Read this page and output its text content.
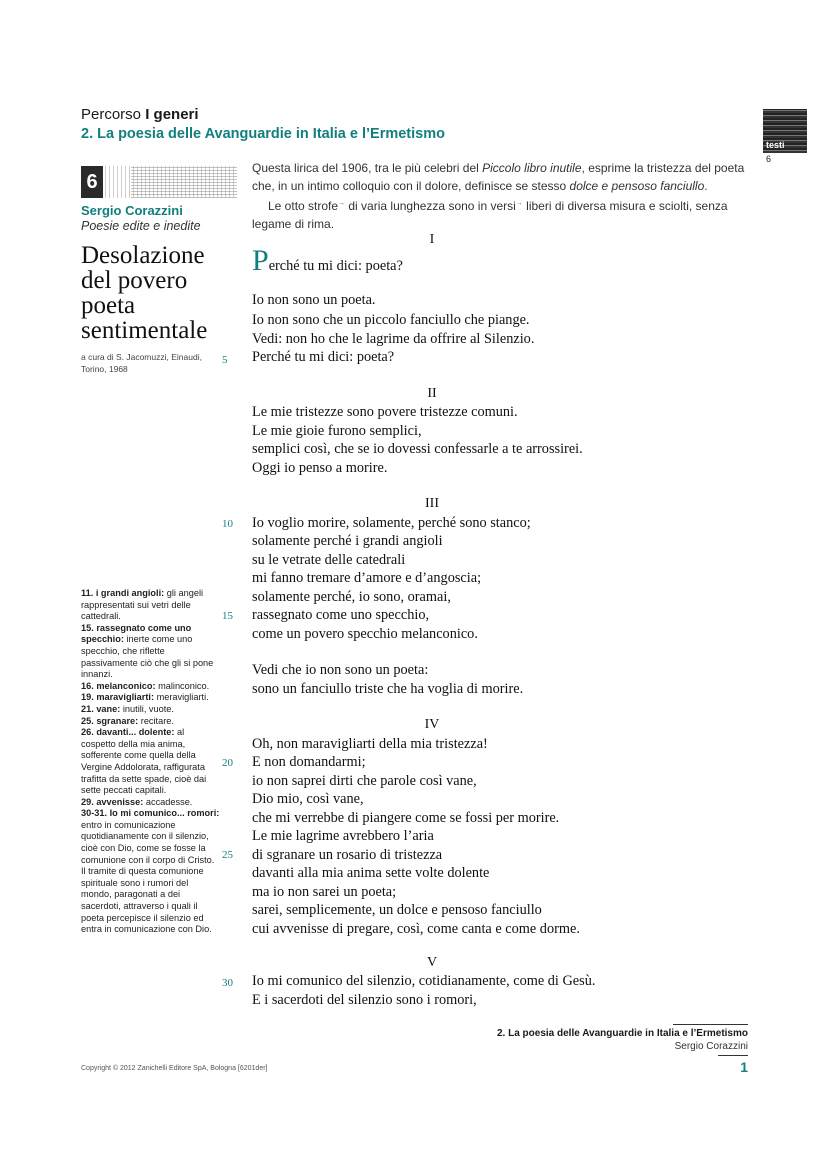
Percorso I generi
2. La poesia delle Avanguardie in Italia e l’Ermetismo
testi
6
6
Sergio Corazzini
Poesie edite e inedite
Desolazione
del povero
poeta
sentimentale
a cura di S. Jacomuzzi, Einaudi,
Torino, 1968

Questa lirica del 1906, tra le più celebri del Piccolo libro inutile, esprime la tristezza del poeta che, in un intimo colloquio con il dolore, definisce se stesso dolce e pensoso fanciullo.

Le otto strofe→ di varia lunghezza sono in versi→ liberi di diversa misura e sciolti, senza legame di rima.

I
Perché tu mi dici: poeta?
Io non sono un poeta.
Io non sono che un piccolo fanciullo che piange.
Vedi: non ho che le lagrime da offrire al Silenzio.
Perché tu mi dici: poeta?
II
Le mie tristezze sono povere tristezze comuni.
Le mie gioie furono semplici,
semplici così, che se io dovessi confessarle a te arrossirei.
Oggi io penso a morire.
III
Io voglio morire, solamente, perché sono stanco;
solamente perché i grandi angioli
su le vetrate delle catedrali
mi fanno tremare d’amore e d’angoscia;
solamente perché, io sono, oramai,
rassegnato come uno specchio,
come un povero specchio melanconico.
Vedi che io non sono un poeta:
sono un fanciullo triste che ha voglia di morire.
IV
Oh, non maravigliarti della mia tristezza!
E non domandarmi;
io non saprei dirti che parole così vane,
Dio mio, così vane,
che mi verrebbe di piangere come se fossi per morire.
Le mie lagrime avrebbero l’aria
di sgranare un rosario di tristezza
davanti alla mia anima sette volte dolente
ma io non sarei un poeta;
sarei, semplicemente, un dolce e pensoso fanciullo
cui avvenisse di pregare, così, come canta e come dorme.
V
Io mi comunico del silenzio, cotidianamente, come di Gesù.
E i sacerdoti del silenzio sono i romori,
5
10
15
20
25
30
11. i grandi angioli: gli angeli rappresentati sui vetri delle cattedrali.
15. rassegnato come uno specchio: inerte come uno specchio, che riflette passivamente ciò che gli si pone innanzi.
16. melanconico: malinconico.
19. maravigliarti: meravigliarti.
21. vane: inutili, vuote.
25. sgranare: recitare.
26. davanti... dolente: al cospetto della mia anima, sofferente come quella della Vergine Addolorata, raffigurata trafitta da sette spade, cioè dai sette peccati capitali.
29. avvenisse: accadesse.
30-31. Io mi comunico... romori: entro in comunicazione quotidianamente con il silenzio, cioè con Dio, come se fosse la comunione con il corpo di Cristo. Il tramite di questa comunione spirituale sono i rumori del mondo, paragonati a dei sacerdoti, attraverso i quali il poeta percepisce il silenzio ed entra in comunicazione con Dio.
2. La poesia delle Avanguardie in Italia e l’Ermetismo
Sergio Corazzini
Copyright © 2012 Zanichelli Editore SpA, Bologna [6201der]	1
